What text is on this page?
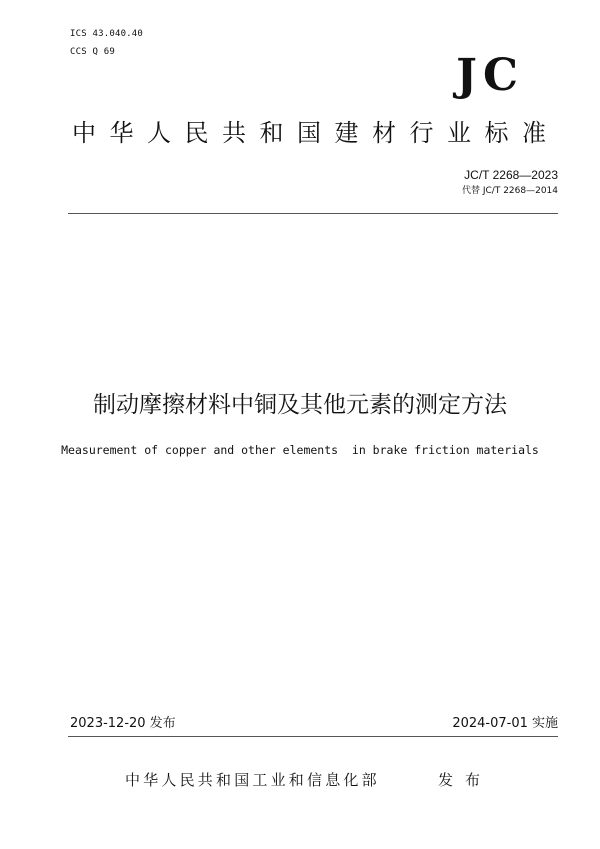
ICS 43.040.40
CCS Q 69	JC
中华人民共和国建材行业标准
JC/T 2268—2023
代替 JC/T 2268—2014
制动摩擦材料中铜及其他元素的测定方法
Measurement of copper and other elements  in brake friction materials
2023-12-20 发布	2024-07-01 实施
中华人民共和国工业和信息化部	发布
